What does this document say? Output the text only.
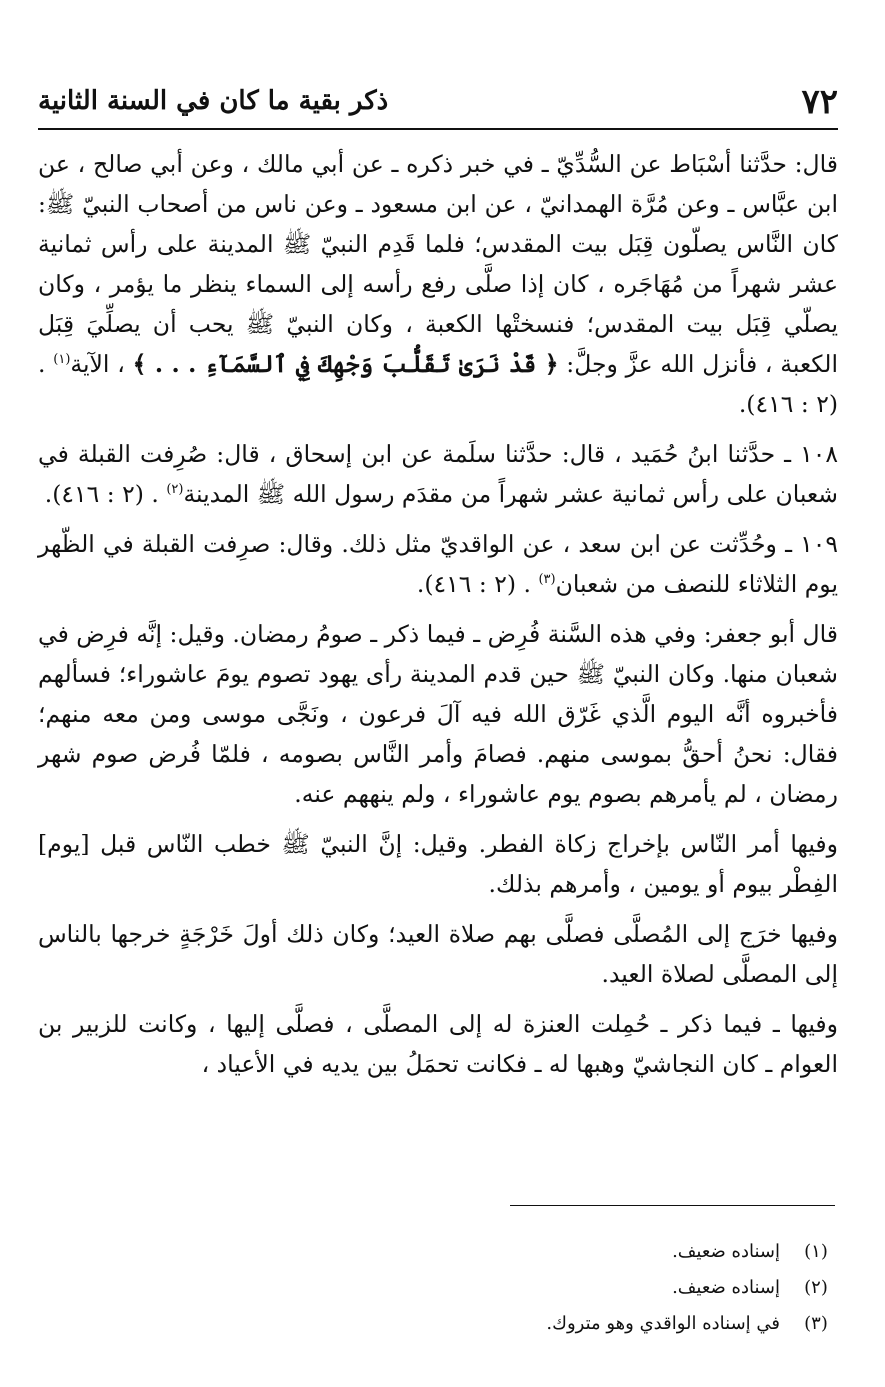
٧٢
ذكر بقية ما كان في السنة الثانية

قال: حدَّثنا أسْبَاط عن السُّدِّيّ ـ في خبر ذكره ـ عن أبي مالك ، وعن أبي صالح ، عن ابن عبَّاس ـ وعن مُرَّة الهمدانيّ ، عن ابن مسعود ـ وعن ناس من أصحاب النبيّ ﷺ: كان النَّاس يصلّون قِبَل بيت المقدس؛ فلما قَدِم النبيّ ﷺ المدينة على رأس ثمانية عشر شهراً من مُهَاجَره ، كان إذا صلَّى رفع رأسه إلى السماء ينظر ما يؤمر ، وكان يصلّي قِبَل بيت المقدس؛ فنسختْها الكعبة ، وكان النبيّ ﷺ يحب أن يصلِّيَ قِبَل الكعبة ، فأنزل الله عزَّ وجلَّ: ﴿ قَدْ نَرَىٰ تَقَلُّبَ وَجْهِكَ فِي ٱلسَّمَآءِ . . . ﴾ ، الآية$^{(١)}$ . (٢ : ٤١٦).

١٠٨ ـ حدَّثنا ابنُ حُمَيد ، قال: حدَّثنا سلَمة عن ابن إسحاق ، قال: صُرِفت القبلة في شعبان على رأس ثمانية عشر شهراً من مقدَم رسول الله ﷺ المدينة$^{(٢)}$ . (٢ : ٤١٦).

١٠٩ ـ وحُدِّثت عن ابن سعد ، عن الواقديّ مثل ذلك. وقال: صرِفت القبلة في الظّهر يوم الثلاثاء للنصف من شعبان$^{(٣)}$ . (٢ : ٤١٦).

قال أبو جعفر: وفي هذه السَّنة فُرِض ـ فيما ذكر ـ صومُ رمضان. وقيل: إنَّه فرِض في شعبان منها. وكان النبيّ ﷺ حين قدم المدينة رأى يهود تصوم يومَ عاشوراء؛ فسألهم فأخبروه أنَّه اليوم الَّذي غَرّق الله فيه آلَ فرعون ، ونَجَّى موسى ومن معه منهم؛ فقال: نحنُ أحقُّ بموسى منهم. فصامَ وأمر النَّاس بصومه ، فلمّا فُرض صوم شهر رمضان ، لم يأمرهم بصوم يوم عاشوراء ، ولم ينههم عنه.

وفيها أمر النّاس بإخراج زكاة الفطر. وقيل: إنَّ النبيّ ﷺ خطب النّاس قبل [يوم] الفِطْر بيوم أو يومين ، وأمرهم بذلك.

وفيها خرَج إلى المُصلَّى فصلَّى بهم صلاة العيد؛ وكان ذلك أولَ خَرْجَةٍ خرجها بالناس إلى المصلَّى لصلاة العيد.

وفيها ـ فيما ذكر ـ حُمِلت العنزة له إلى المصلَّى ، فصلَّى إليها ، وكانت للزبير بن العوام ـ كان النجاشيّ وهبها له ـ فكانت تحمَلُ بين يديه في الأعياد ،

(١)
إسناده ضعيف.
(٢)
إسناده ضعيف.
(٣)
في إسناده الواقدي وهو متروك.
